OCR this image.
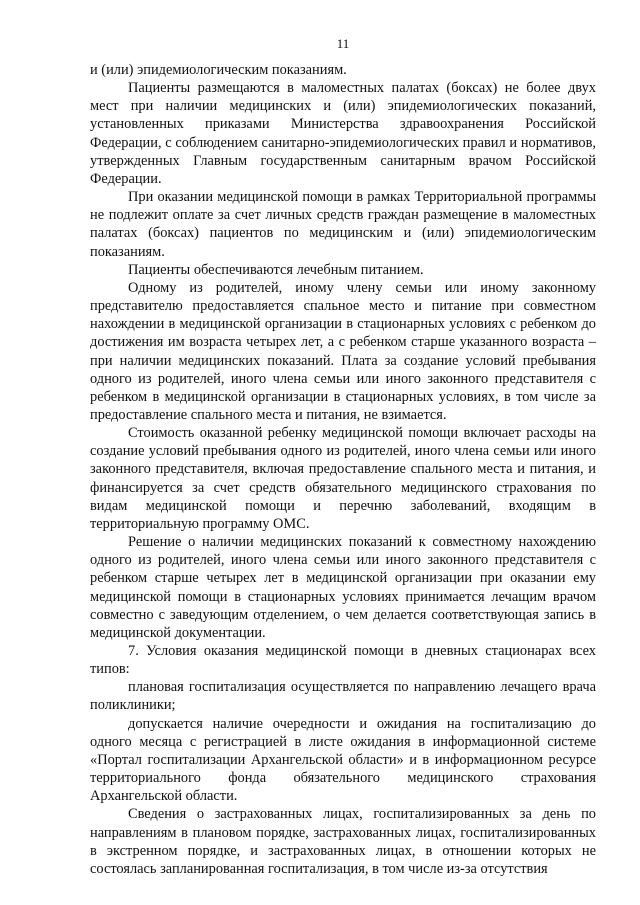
11

и (или) эпидемиологическим показаниям.

Пациенты размещаются в маломестных палатах (боксах) не более двух мест при наличии медицинских и (или) эпидемиологических показаний, установленных приказами Министерства здравоохранения Российской Федерации, с соблюдением санитарно-эпидемиологических правил и нормативов, утвержденных Главным государственным санитарным врачом Российской Федерации.

При оказании медицинской помощи в рамках Территориальной программы не подлежит оплате за счет личных средств граждан размещение в маломестных палатах (боксах) пациентов по медицинским и (или) эпидемиологическим показаниям.

Пациенты обеспечиваются лечебным питанием.

Одному из родителей, иному члену семьи или иному законному представителю предоставляется спальное место и питание при совместном нахождении в медицинской организации в стационарных условиях с ребенком до достижения им возраста четырех лет, а с ребенком старше указанного возраста – при наличии медицинских показаний. Плата за создание условий пребывания одного из родителей, иного члена семьи или иного законного представителя с ребенком в медицинской организации в стационарных условиях, в том числе за предоставление спального места и питания, не взимается.

Стоимость оказанной ребенку медицинской помощи включает расходы на создание условий пребывания одного из родителей, иного члена семьи или иного законного представителя, включая предоставление спального места и питания, и финансируется за счет средств обязательного медицинского страхования по видам медицинской помощи и перечню заболеваний, входящим в территориальную программу ОМС.

Решение о наличии медицинских показаний к совместному нахождению одного из родителей, иного члена семьи или иного законного представителя с ребенком старше четырех лет в медицинской организации при оказании ему медицинской помощи в стационарных условиях принимается лечащим врачом совместно с заведующим отделением, о чем делается соответствующая запись в медицинской документации.

7. Условия оказания медицинской помощи в дневных стационарах всех типов:

плановая госпитализация осуществляется по направлению лечащего врача поликлиники;

допускается наличие очередности и ожидания на госпитализацию до одного месяца с регистрацией в листе ожидания в информационной системе «Портал госпитализации Архангельской области» и в информационном ресурсе территориального фонда обязательного медицинского страхования Архангельской области.

Сведения о застрахованных лицах, госпитализированных за день по направлениям в плановом порядке, застрахованных лицах, госпитализированных в экстренном порядке, и застрахованных лицах, в отношении которых не состоялась запланированная госпитализация, в том числе из-за отсутствия
